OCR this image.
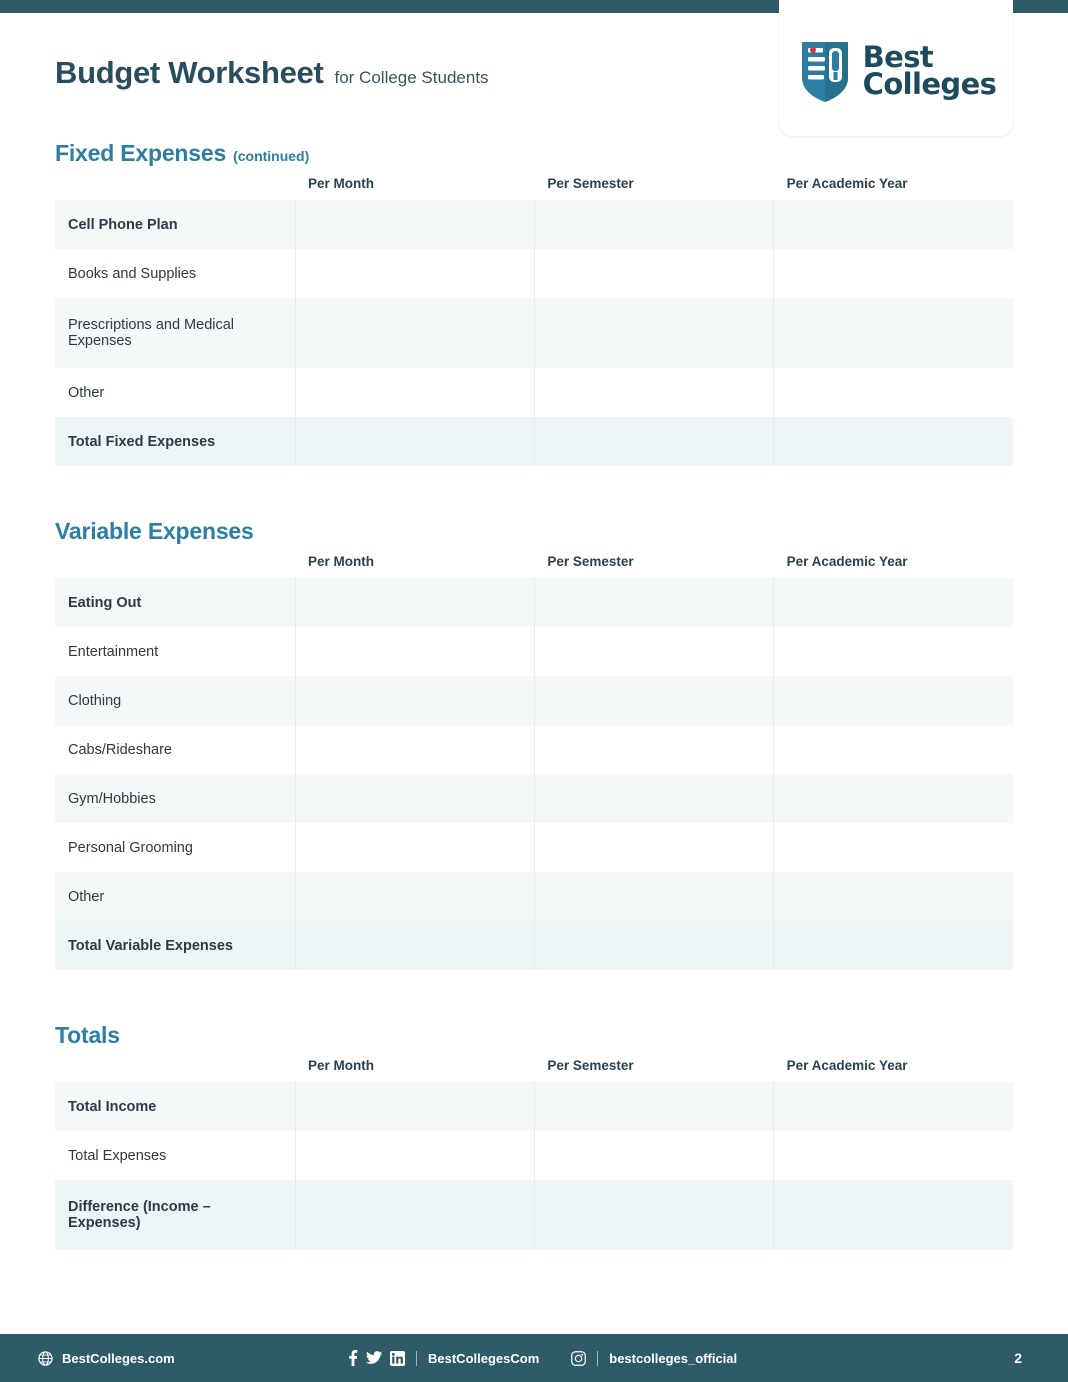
Best
Colleges
Budget Worksheet for College Students
Fixed Expenses (continued)
	Per Month	Per Semester	Per Academic Year
Cell Phone Plan			
Books and Supplies			
Prescriptions and Medical Expenses			
Other			
Total Fixed Expenses			
Variable Expenses
	Per Month	Per Semester	Per Academic Year
Eating Out			
Entertainment			
Clothing			
Cabs/Rideshare			
Gym/Hobbies			
Personal Grooming			
Other			
Total Variable Expenses			
Totals
	Per Month	Per Semester	Per Academic Year
Total Income			
Total Expenses			
Difference (Income – Expenses)			
BestColleges.com	BestCollegesCom	bestcolleges_official	2
